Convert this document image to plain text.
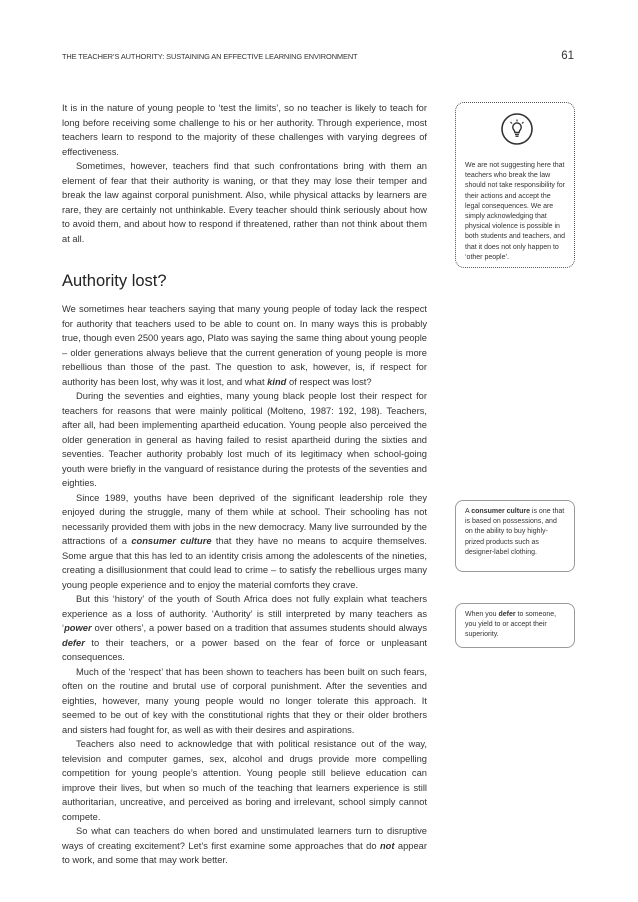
THE TEACHER’S AUTHORITY: SUSTAINING AN EFFECTIVE LEARNING ENVIRONMENT	61

It is in the nature of young people to ‘test the limits’, so no teacher is likely to teach for long before receiving some challenge to his or her authority. Through experience, most teachers learn to respond to the majority of these challenges with varying degrees of effectiveness.

Sometimes, however, teachers find that such confrontations bring with them an element of fear that their authority is waning, or that they may lose their temper and break the law against corporal punishment. Also, while physical attacks by learners are rare, they are certainly not unthinkable. Every teacher should think seriously about how to avoid them, and about how to respond if threatened, rather than not think about them at all.

Authority lost?

We sometimes hear teachers saying that many young people of today lack the respect for authority that teachers used to be able to count on. In many ways this is probably true, though even 2500 years ago, Plato was saying the same thing about young people – older generations always believe that the current generation of young people is more rebellious than those of the past. The question to ask, however, is, if respect for authority has been lost, why was it lost, and what kind of respect was lost?

During the seventies and eighties, many young black people lost their respect for teachers for reasons that were mainly political (Molteno, 1987: 192, 198). Teachers, after all, had been implementing apartheid education. Young people also perceived the older generation in general as having failed to resist apartheid during the sixties and seventies. Teacher authority probably lost much of its legitimacy when school-going youth were briefly in the vanguard of resistance during the protests of the seventies and eighties.

Since 1989, youths have been deprived of the significant leadership role they enjoyed during the struggle, many of them while at school. Their schooling has not necessarily provided them with jobs in the new democracy. Many live surrounded by the attractions of a consumer culture that they have no means to acquire themselves. Some argue that this has led to an identity crisis among the adolescents of the nineties, creating a disillusionment that could lead to crime – to satisfy the rebellious urges many young people experience and to enjoy the material comforts they crave.

But this ‘history’ of the youth of South Africa does not fully explain what teachers experience as a loss of authority. ‘Authority’ is still interpreted by many teachers as ‘power over others’, a power based on a tradition that assumes students should always defer to their teachers, or a power based on the fear of force or unpleasant consequences.

Much of the ‘respect’ that has been shown to teachers has been built on such fears, often on the routine and brutal use of corporal punishment. After the seventies and eighties, however, many young people would no longer tolerate this approach. It seemed to be out of key with the constitutional rights that they or their older brothers and sisters had fought for, as well as with their desires and aspirations.

Teachers also need to acknowledge that with political resistance out of the way, television and computer games, sex, alcohol and drugs provide more compelling competition for young people’s attention. Young people still believe education can improve their lives, but when so much of the teaching that learners experience is still authoritarian, uncreative, and perceived as boring and irrelevant, school simply cannot compete.

So what can teachers do when bored and unstimulated learners turn to disruptive ways of creating excitement? Let’s first examine some approaches that do not appear to work, and some that may work better.

We are not suggesting here that teachers who break the law should not take responsibility for their actions and accept the legal consequences. We are simply acknowledging that physical violence is possible in both students and teachers, and that it does not only happen to ‘other people’.

A consumer culture is one that is based on possessions, and on the ability to buy highly-prized products such as designer-label clothing.

When you defer to someone, you yield to or accept their superiority.
